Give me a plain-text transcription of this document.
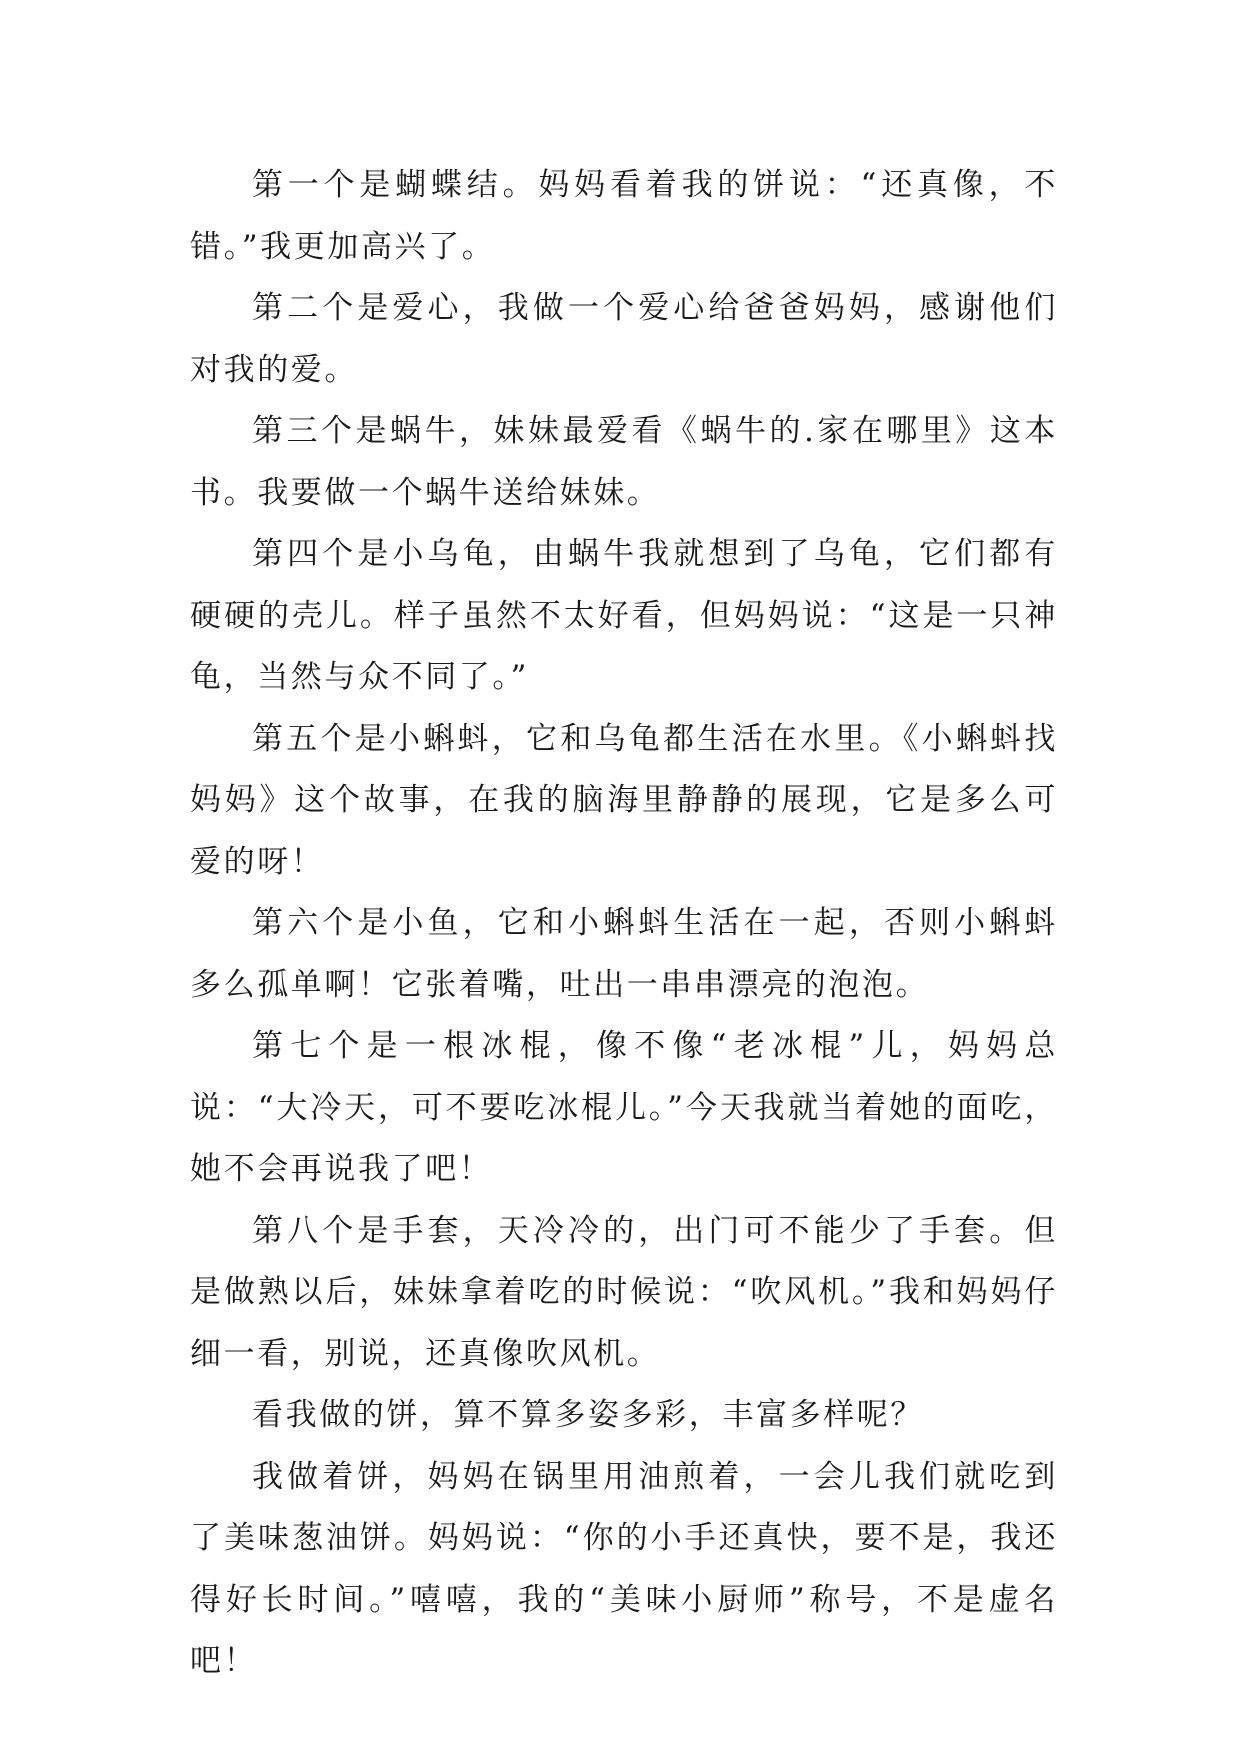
第一个是蝴蝶结。妈妈看着我的饼说：“还真像，不错。”我更加高兴了。

第二个是爱心，我做一个爱心给爸爸妈妈，感谢他们对我的爱。

第三个是蜗牛，妹妹最爱看《蜗牛的.家在哪里》这本书。我要做一个蜗牛送给妹妹。

第四个是小乌龟，由蜗牛我就想到了乌龟，它们都有硬硬的壳儿。样子虽然不太好看，但妈妈说：“这是一只神龟，当然与众不同了。”

第五个是小蝌蚪，它和乌龟都生活在水里。《小蝌蚪找妈妈》这个故事，在我的脑海里静静的展现，它是多么可爱的呀！

第六个是小鱼，它和小蝌蚪生活在一起，否则小蝌蚪多么孤单啊！它张着嘴，吐出一串串漂亮的泡泡。

第七个是一根冰棍，像不像“老冰棍”儿，妈妈总说：“大冷天，可不要吃冰棍儿。”今天我就当着她的面吃，她不会再说我了吧！

第八个是手套，天冷冷的，出门可不能少了手套。但是做熟以后，妹妹拿着吃的时候说：“吹风机。”我和妈妈仔细一看，别说，还真像吹风机。

看我做的饼，算不算多姿多彩，丰富多样呢？

我做着饼，妈妈在锅里用油煎着，一会儿我们就吃到了美味葱油饼。妈妈说：“你的小手还真快，要不是，我还得好长时间。”嘻嘻，我的“美味小厨师”称号，不是虚名吧！
